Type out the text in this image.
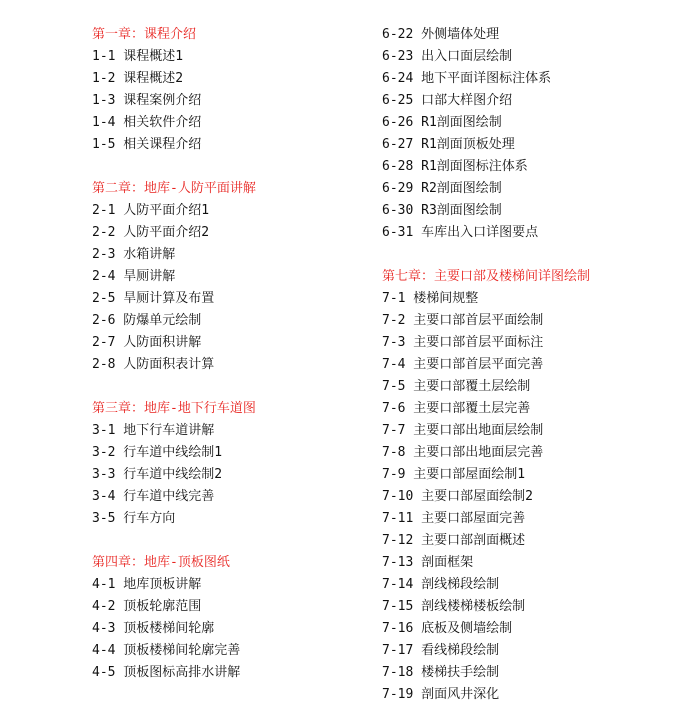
第一章：课程介绍
1-1 课程概述1
1-2 课程概述2
1-3 课程案例介绍
1-4 相关软件介绍
1-5 相关课程介绍
第二章：地库-人防平面讲解
2-1 人防平面介绍1
2-2 人防平面介绍2
2-3 水箱讲解
2-4 旱厕讲解
2-5 旱厕计算及布置
2-6 防爆单元绘制
2-7 人防面积讲解
2-8 人防面积表计算
第三章：地库-地下行车道图
3-1 地下行车道讲解
3-2 行车道中线绘制1
3-3 行车道中线绘制2
3-4 行车道中线完善
3-5 行车方向
第四章：地库-顶板图纸
4-1 地库顶板讲解
4-2 顶板轮廓范围
4-3 顶板楼梯间轮廓
4-4 顶板楼梯间轮廓完善
4-5 顶板图标高排水讲解
6-22 外侧墙体处理
6-23 出入口面层绘制
6-24 地下平面详图标注体系
6-25 口部大样图介绍
6-26 R1剖面图绘制
6-27 R1剖面顶板处理
6-28 R1剖面图标注体系
6-29 R2剖面图绘制
6-30 R3剖面图绘制
6-31 车库出入口详图要点
第七章：主要口部及楼梯间详图绘制
7-1 楼梯间规整
7-2 主要口部首层平面绘制
7-3 主要口部首层平面标注
7-4 主要口部首层平面完善
7-5 主要口部覆土层绘制
7-6 主要口部覆土层完善
7-7 主要口部出地面层绘制
7-8 主要口部出地面层完善
7-9 主要口部屋面绘制1
7-10 主要口部屋面绘制2
7-11 主要口部屋面完善
7-12 主要口部剖面概述
7-13 剖面框架
7-14 剖线梯段绘制
7-15 剖线楼梯楼板绘制
7-16 底板及侧墙绘制
7-17 看线梯段绘制
7-18 楼梯扶手绘制
7-19 剖面风井深化
